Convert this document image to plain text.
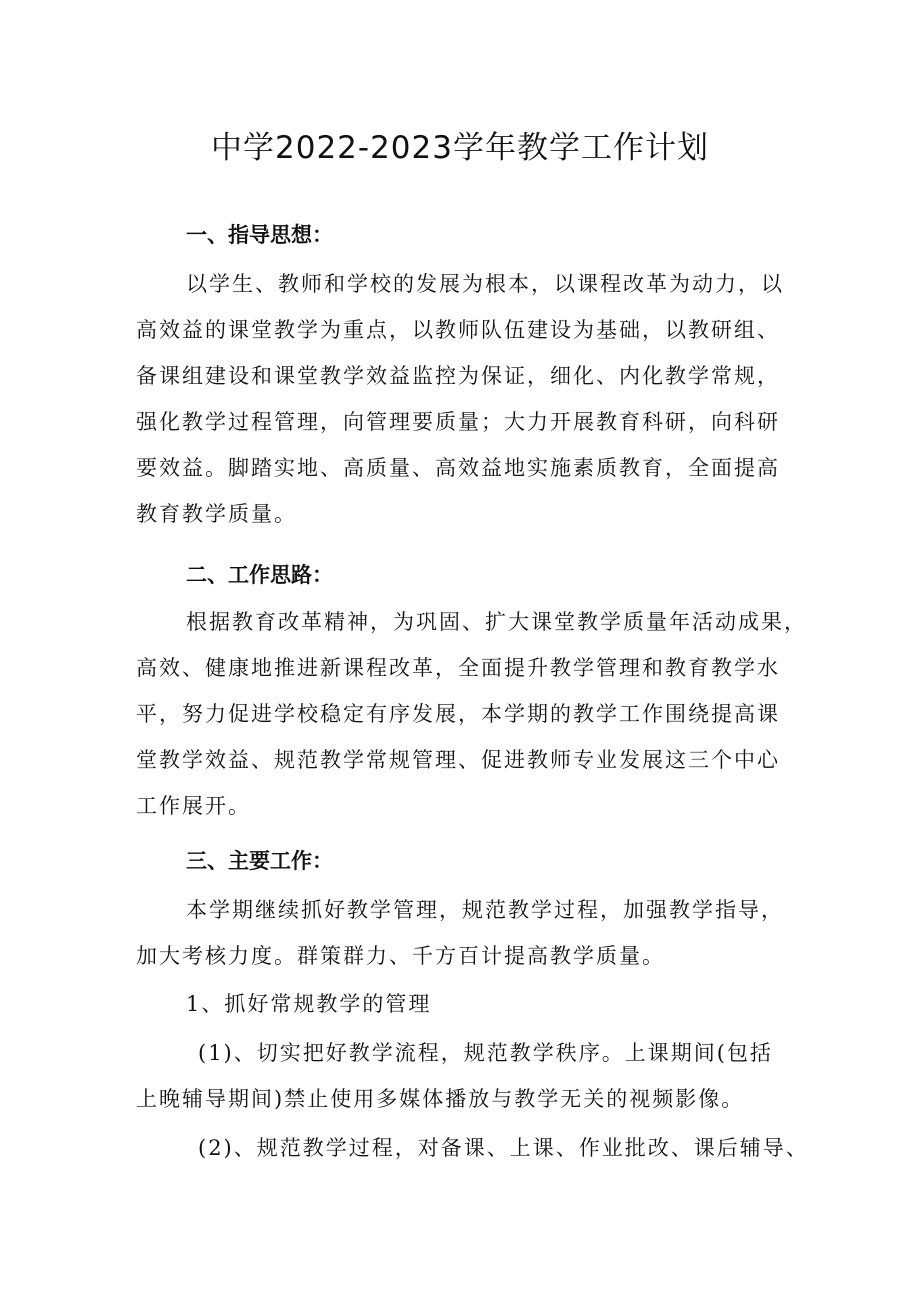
中学2022-2023学年教学工作计划
一、指导思想：

以学生、教师和学校的发展为根本，以课程改革为动力，以
高效益的课堂教学为重点，以教师队伍建设为基础，以教研组、
备课组建设和课堂教学效益监控为保证，细化、内化教学常规，
强化教学过程管理，向管理要质量；大力开展教育科研，向科研
要效益。脚踏实地、高质量、高效益地实施素质教育，全面提高
教育教学质量。

二、工作思路：

根据教育改革精神，为巩固、扩大课堂教学质量年活动成果，
高效、健康地推进新课程改革，全面提升教学管理和教育教学水
平，努力促进学校稳定有序发展，本学期的教学工作围绕提高课
堂教学效益、规范教学常规管理、促进教师专业发展这三个中心
工作展开。

三、主要工作：

本学期继续抓好教学管理，规范教学过程，加强教学指导，
加大考核力度。群策群力、千方百计提高教学质量。

1、抓好常规教学的管理

(1)、切实把好教学流程，规范教学秩序。上课期间(包括
上晚辅导期间)禁止使用多媒体播放与教学无关的视频影像。

(2)、规范教学过程，对备课、上课、作业批改、课后辅导、
